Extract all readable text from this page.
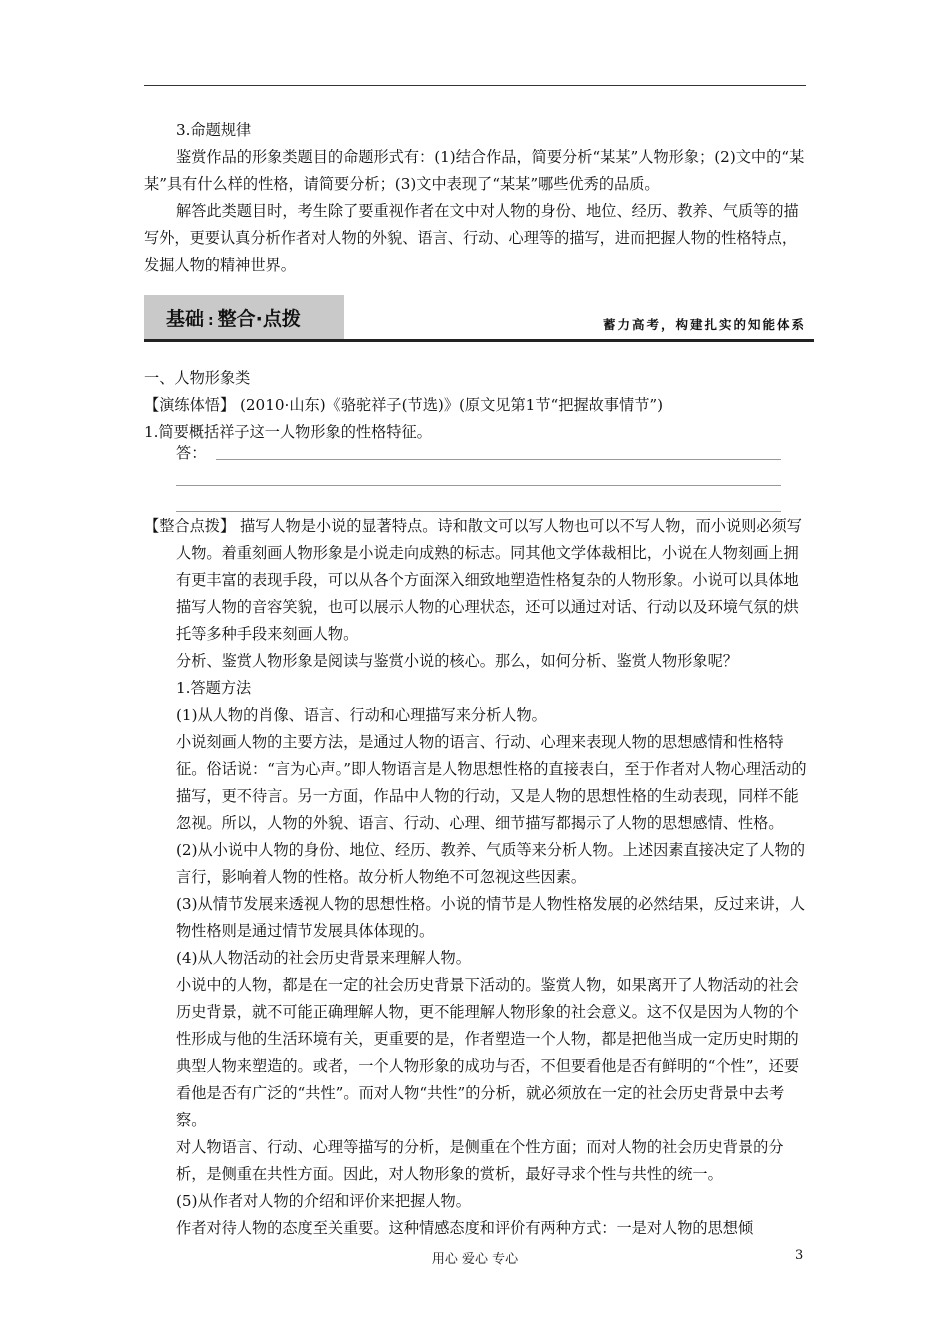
3.命题规律

鉴赏作品的形象类题目的命题形式有：(1)结合作品，简要分析“某某”人物形象；(2)文中的“某某”具有什么样的性格，请简要分析；(3)文中表现了“某某”哪些优秀的品质。

解答此类题目时，考生除了要重视作者在文中对人物的身份、地位、经历、教养、气质等的描写外，更要认真分析作者对人物的外貌、语言、行动、心理等的描写，进而把握人物的性格特点，发掘人物的精神世界。

基础 : 整合·点拨	蓄力高考，构建扎实的知能体系

一、人物形象类

【演练体悟】 (2010·山东)《骆驼祥子(节选)》(原文见第1节“把握故事情节”)

1.简要概括祥子这一人物形象的性格特征。

答：

【整合点拨】 描写人物是小说的显著特点。诗和散文可以写人物也可以不写人物，而小说则必须写人物。着重刻画人物形象是小说走向成熟的标志。同其他文学体裁相比，小说在人物刻画上拥有更丰富的表现手段，可以从各个方面深入细致地塑造性格复杂的人物形象。小说可以具体地描写人物的音容笑貌，也可以展示人物的心理状态，还可以通过对话、行动以及环境气氛的烘托等多种手段来刻画人物。

分析、鉴赏人物形象是阅读与鉴赏小说的核心。那么，如何分析、鉴赏人物形象呢？

1.答题方法

(1)从人物的肖像、语言、行动和心理描写来分析人物。

小说刻画人物的主要方法，是通过人物的语言、行动、心理来表现人物的思想感情和性格特征。俗话说：“言为心声。”即人物语言是人物思想性格的直接表白，至于作者对人物心理活动的描写，更不待言。另一方面，作品中人物的行动，又是人物的思想性格的生动表现，同样不能忽视。所以，人物的外貌、语言、行动、心理、细节描写都揭示了人物的思想感情、性格。

(2)从小说中人物的身份、地位、经历、教养、气质等来分析人物。上述因素直接决定了人物的言行，影响着人物的性格。故分析人物绝不可忽视这些因素。

(3)从情节发展来透视人物的思想性格。小说的情节是人物性格发展的必然结果，反过来讲，人物性格则是通过情节发展具体体现的。

(4)从人物活动的社会历史背景来理解人物。

小说中的人物，都是在一定的社会历史背景下活动的。鉴赏人物，如果离开了人物活动的社会历史背景，就不可能正确理解人物，更不能理解人物形象的社会意义。这不仅是因为人物的个性形成与他的生活环境有关，更重要的是，作者塑造一个人物，都是把他当成一定历史时期的典型人物来塑造的。或者，一个人物形象的成功与否，不但要看他是否有鲜明的“个性”，还要看他是否有广泛的“共性”。而对人物“共性”的分析，就必须放在一定的社会历史背景中去考察。

对人物语言、行动、心理等描写的分析，是侧重在个性方面；而对人物的社会历史背景的分析，是侧重在共性方面。因此，对人物形象的赏析，最好寻求个性与共性的统一。

(5)从作者对人物的介绍和评价来把握人物。

作者对待人物的态度至关重要。这种情感态度和评价有两种方式：一是对人物的思想倾

用心 爱心 专心	3
